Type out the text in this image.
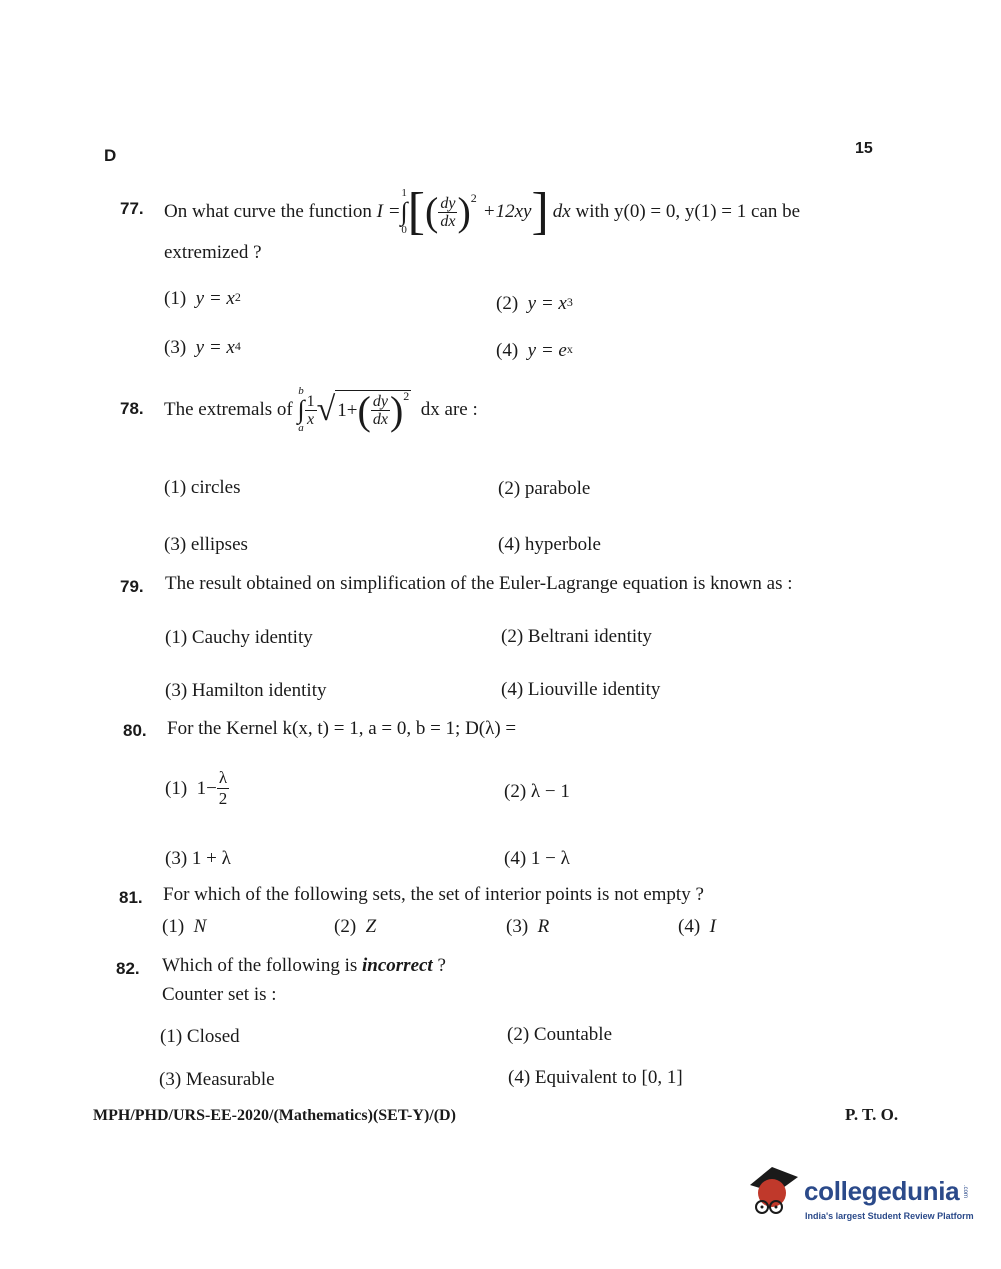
D	15
77. On what curve the function
I =
1
∫
0 [ ( $\frac{dy}{dx} )^2$
+12xy ] dx
with y(0) = 0, y(1) = 1 can be
extremized ?
(1) $y = x^2$	(2) $y = x^3$
(3) $y = x^4$	(4) $y = e^x$
78. The extremals of

b
∫
a
$\frac{1}{x}$ √ 1+ ( $\frac{dy}{dx} )^2$

dx are :
(1) circles	(2) parabole
(3) ellipses	(4) hyperbole
79. The result obtained on simplification of the Euler-Lagrange equation is known as :
(1) Cauchy identity	(2) Beltrani identity
(3) Hamilton identity	(4) Liouville identity
80. For the Kernel k(x, t) = 1, a = 0, b = 1; D(λ) =
(1)
$1- \frac{\lambda}{2}$	(2) λ − 1
(3) 1 + λ	(4) 1 − λ
81. For which of the following sets, the set of interior points is not empty ?
(1) N	(2) Z	(3) R	(4) I
82. Which of the following is incorrect ?
Counter set is :
(1) Closed	(2) Countable
(3) Measurable	(4) Equivalent to [0, 1]
MPH/PHD/URS-EE-2020/(Mathematics)(SET-Y)/(D)	P. T. O.
collegedunia .com
India's largest Student Review Platform
